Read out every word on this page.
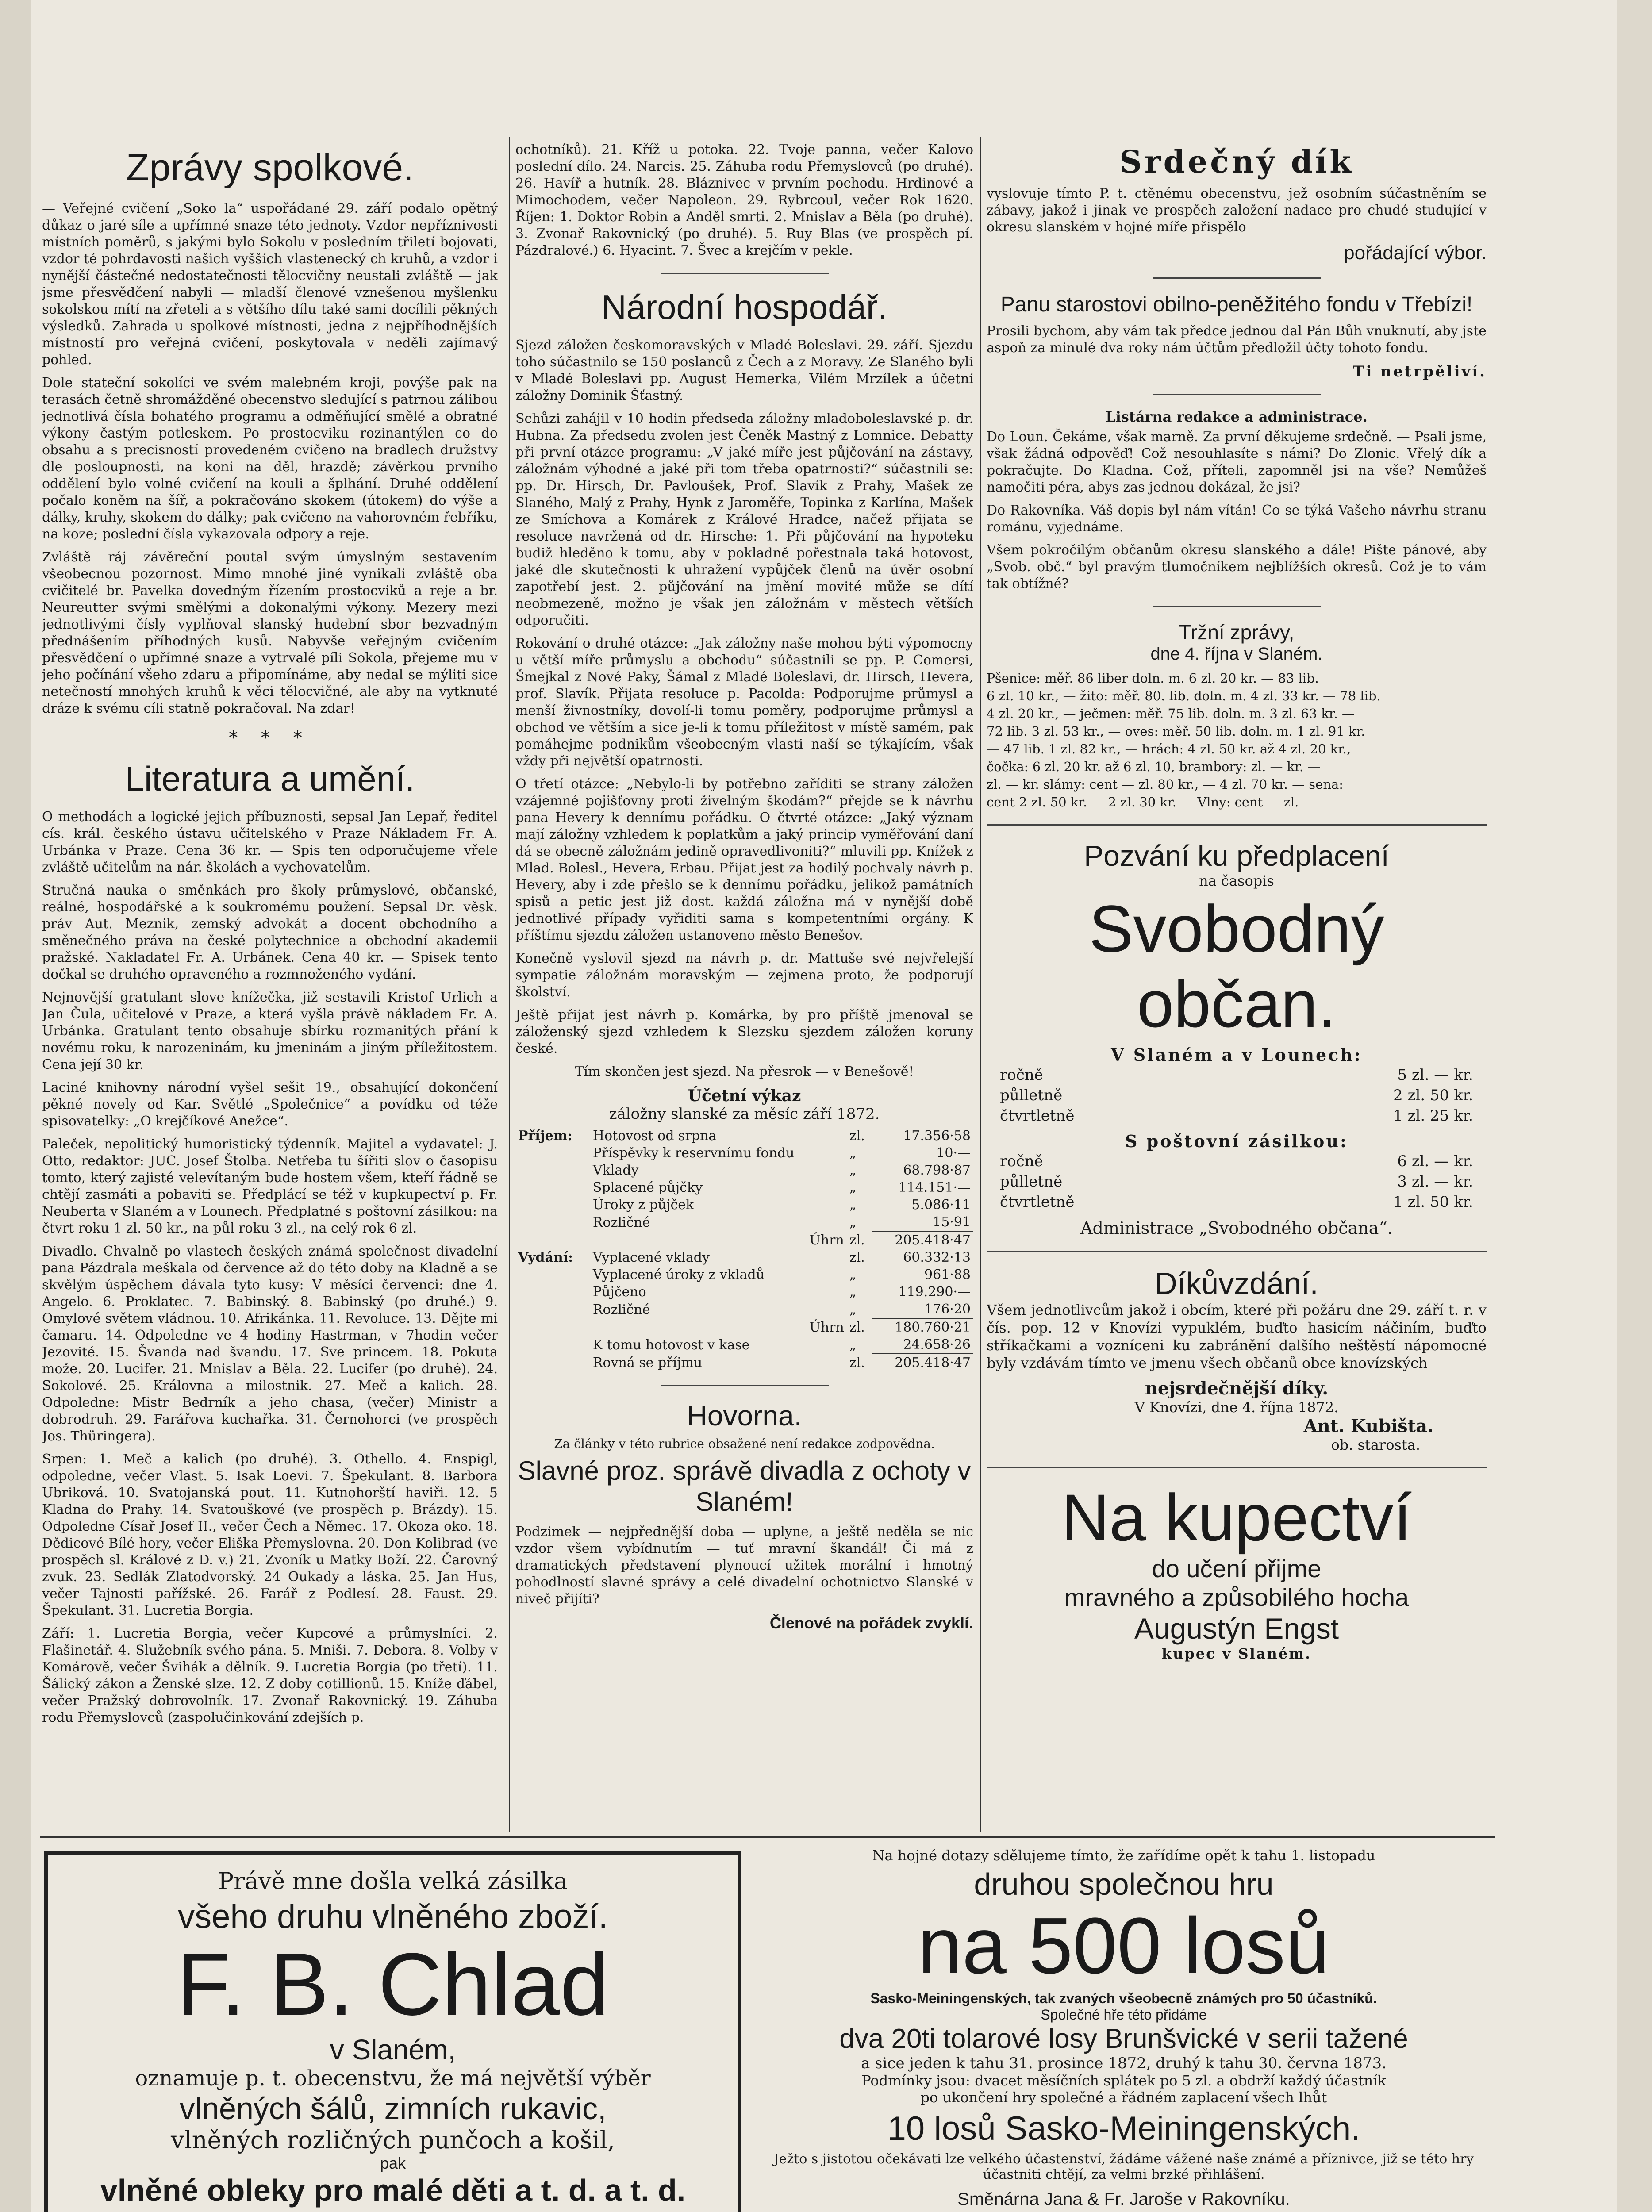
Zprávy spolkové.

— Veřejné cvičení „Soko la“ uspořádané 29. září podalo opětný důkaz o jaré síle a upřímné snaze této jednoty. Vzdor nepříznivosti místních poměrů, s jakými bylo Sokolu v posledním třiletí bojovati, vzdor té pohrdavosti našich vyšších vlastenecký ch kruhů, a vzdor i nynější částečné nedostatečnosti tělocvičny neustali zvláště — jak jsme přesvědčení nabyli — mladší členové vznešenou myšlenku sokolskou mítí na zřeteli a s většího dílu také sami docílili pěkných výsledků. Zahrada u spolkové místnosti, jedna z nejpříhodnějších místností pro veřejná cvičení, poskytovala v neděli zajímavý pohled.

Dole stateční sokolíci ve svém malebném kroji, povýše pak na terasách četně shromážděné obecenstvo sledující s patrnou zálibou jednotlivá čísla bohatého programu a odměňující smělé a obratné výkony častým potleskem. Po prostocviku rozinantýlen co do obsahu a s precisností provedeném cvičeno na bradlech družstvy dle posloupnosti, na koni na děl, hrazdě; závěrkou prvního oddělení bylo volné cvičení na kouli a šplhání. Druhé oddělení počalo koněm na šíř, a pokračováno skokem (útokem) do výše a dálky, kruhy, skokem do dálky; pak cvičeno na vahorovném řebříku, na koze; poslední čísla vykazovala odpory a reje.

Zvláště ráj závěreční poutal svým úmyslným sestavením všeobecnou pozornost. Mimo mnohé jiné vynikali zvláště oba cvičitelé br. Pavelka dovedným řízením prostocviků a reje a br. Neureutter svými smělými a dokonalými výkony. Mezery mezi jednotlivými čísly vyplňoval slanský hudební sbor bezvadným přednášením příhodných kusů. Nabyvše veřejným cvičením přesvědčení o upřímné snaze a vytrvalé píli Sokola, přejeme mu v jeho počínání všeho zdaru a připomínáme, aby nedal se mýliti sice netečností mnohých kruhů k věci tělocvičné, ale aby na vytknuté dráze k svému cíli statně pokračoval. Na zdar!

* * *
Literatura a umění.

O methodách a logické jejich příbuznosti, sepsal Jan Lepař, ředitel cís. král. českého ústavu učitelského v Praze Nákladem Fr. A. Urbánka v Praze. Cena 36 kr. — Spis ten odporučujeme vřele zvláště učitelům na nár. školách a vychovatelům.

Stručná nauka o směnkách pro školy průmyslové, občanské, reálné, hospodářské a k soukromému použení. Sepsal Dr. věsk. práv Aut. Meznik, zemský advokát a docent obchodního a směnečného práva na české polytechnice a obchodní akademii pražské. Nakladatel Fr. A. Urbánek. Cena 40 kr. — Spisek tento dočkal se druhého opraveného a rozmnoženého vydání.

Nejnovější gratulant slove knížečka, již sestavili Kristof Urlich a Jan Čula, učitelové v Praze, a která vyšla právě nákladem Fr. A. Urbánka. Gratulant tento obsahuje sbírku rozmanitých přání k novému roku, k narozeninám, ku jmeninám a jiným příležitostem. Cena její 30 kr.

Laciné knihovny národní vyšel sešit 19., obsahující dokončení pěkné novely od Kar. Světlé „Společnice“ a povídku od téže spisovatelky: „O krejčíkové Anežce“.

Paleček, nepolitický humoristický týdenník. Majitel a vydavatel: J. Otto, redaktor: JUC. Josef Štolba. Netřeba tu šířiti slov o časopisu tomto, který zajisté velevítaným bude hostem všem, kteří řádně se chtějí zasmáti a pobaviti se. Předplácí se též v kupkupectví p. Fr. Neuberta v Slaném a v Lounech. Předplatné s poštovní zásilkou: na čtvrt roku 1 zl. 50 kr., na půl roku 3 zl., na celý rok 6 zl.

Divadlo. Chvalně po vlastech českých známá společnost divadelní pana Pázdrala meškala od července až do této doby na Kladně a se skvělým úspěchem dávala tyto kusy: V měsíci červenci: dne 4. Angelo. 6. Proklatec. 7. Babinský. 8. Babinský (po druhé.) 9. Omylové světem vládnou. 10. Afrikánka. 11. Revoluce. 13. Dějte mi čamaru. 14. Odpoledne ve 4 hodiny Hastrman, v 7hodin večer Jezovité. 15. Švanda nad švandu. 17. Sve princem. 18. Pokuta može. 20. Lucifer. 21. Mnislav a Běla. 22. Lucifer (po druhé). 24. Sokolové. 25. Královna a milostnik. 27. Meč a kalich. 28. Odpoledne: Mistr Bedrník a jeho chasa, (večer) Ministr a dobrodruh. 29. Farářova kuchařka. 31. Černohorci (ve prospěch Jos. Thüringera).

Srpen: 1. Meč a kalich (po druhé). 3. Othello. 4. Enspigl, odpoledne, večer Vlast. 5. Isak Loevi. 7. Špekulant. 8. Barbora Ubriková. 10. Svatojanská pout. 11. Kutnohorští haviři. 12. 5 Kladna do Prahy. 14. Svatouškové (ve prospěch p. Brázdy). 15. Odpoledne Císař Josef II., večer Čech a Němec. 17. Okoza oko. 18. Dědicové Bílé hory, večer Eliška Přemyslovna. 20. Don Kolibrad (ve prospěch sl. Králové z D. v.) 21. Zvoník u Matky Boží. 22. Čarovný zvuk. 23. Sedlák Zlatodvorský. 24 Oukady a láska. 25. Jan Hus, večer Tajnosti pařížské. 26. Farář z Podlesí. 28. Faust. 29. Špekulant. 31. Lucretia Borgia.

Září: 1. Lucretia Borgia, večer Kupcové a průmyslníci. 2. Flašinetář. 4. Služebník svého pána. 5. Mniši. 7. Debora. 8. Volby v Komárově, večer Švihák a dělník. 9. Lucretia Borgia (po třetí). 11. Šálický zákon a Ženské slze. 12. Z doby cotillionů. 15. Kníže ďábel, večer Pražský dobrovolník. 17. Zvonař Rakovnický. 19. Záhuba rodu Přemyslovců (zaspolučinkování zdejších p.

ochotníků). 21. Kříž u potoka. 22. Tvoje panna, večer Kalovo poslední dílo. 24. Narcis. 25. Záhuba rodu Přemyslovců (po druhé). 26. Havíř a hutník. 28. Bláznivec v prvním pochodu. Hrdinové a Mimochodem, večer Napoleon. 29. Rybrcoul, večer Rok 1620. Říjen: 1. Doktor Robin a Anděl smrti. 2. Mnislav a Běla (po druhé). 3. Zvonař Rakovnický (po druhé). 5. Ruy Blas (ve prospěch pí. Pázdralové.) 6. Hyacint. 7. Švec a krejčím v pekle.

Národní hospodář.

Sjezd záložen českomoravských v Mladé Boleslavi. 29. září. Sjezdu toho súčastnilo se 150 poslanců z Čech a z Moravy. Ze Slaného byli v Mladé Boleslavi pp. August Hemerka, Vilém Mrzílek a účetní záložny Dominik Šťastný.

Schůzi zahájil v 10 hodin předseda záložny mladoboleslavské p. dr. Hubna. Za předsedu zvolen jest Čeněk Mastný z Lomnice. Debatty při první otázce programu: „V jaké míře jest půjčování na zástavy, záložnám výhodné a jaké při tom třeba opatrnosti?“ súčastnili se: pp. Dr. Hirsch, Dr. Pavloušek, Prof. Slavík z Prahy, Mašek ze Slaného, Malý z Prahy, Hynk z Jaroměře, Topinka z Karlína, Mašek ze Smíchova a Komárek z Králové Hradce, načež přijata se resoluce navržená od dr. Hirsche: 1. Při půjčování na hypoteku budiž hleděno k tomu, aby v pokladně pořestnala taká hotovost, jaké dle skutečnosti k uhražení vypůjček členů na úvěr osobní zapotřebí jest. 2. půjčování na jmění movité může se dítí neobmezeně, možno je však jen záložnám v městech větších odporučiti.

Rokování o druhé otázce: „Jak záložny naše mohou býti výpomocny u větší míře průmyslu a obchodu“ súčastnili se pp. P. Comersi, Šmejkal z Nové Paky, Šámal z Mladé Boleslavi, dr. Hirsch, Hevera, prof. Slavík. Přijata resoluce p. Pacolda: Podporujme průmysl a menší živnostníky, dovolí-li tomu poměry, podporujme průmysl a obchod ve větším a sice je-li k tomu příležitost v místě samém, pak pomáhejme podnikům všeobecným vlasti naší se týkajícím, však vždy při největší opatrnosti.

O třetí otázce: „Nebylo-li by potřebno zaříditi se strany záložen vzájemné pojišťovny proti živelným škodám?“ přejde se k návrhu pana Hevery k dennímu pořádku. O čtvrté otázce: „Jaký význam mají záložny vzhledem k poplatkům a jaký princip vyměřování daní dá se obecně záložnám jedině opravedlivoniti?“ mluvili pp. Knížek z Mlad. Bolesl., Hevera, Erbau. Přijat jest za hodilý pochvaly návrh p. Hevery, aby i zde přešlo se k dennímu pořádku, jelikož památních spisů a petic jest již dost. každá záložna má v nynější době jednotlivé případy vyřiditi sama s kompetentními orgány. K příštímu sjezdu záložen ustanoveno město Benešov.

Konečně vyslovil sjezd na návrh p. dr. Mattuše své nejvřelejší sympatie záložnám moravským — zejmena proto, že podporují školství.

Ještě přijat jest návrh p. Komárka, by pro příště jmenoval se záloženský sjezd vzhledem k Slezsku sjezdem záložen koruny české.

Tím skončen jest sjezd. Na přesrok — v Benešově!

Účetní výkaz
záložny slanské za měsíc září 1872.
Příjem:	Hotovost od srpna	zl.	17.356·58
	Příspěvky k reservnímu fondu	„	10·—
	Vklady	„	68.798·87
	Splacené půjčky	„	114.151·—
	Úroky z půjček	„	5.086·11
	Rozličné	„	15·91
	Úhrn	zl.	205.418·47
Vydání:	Vyplacené vklady	zl.	60.332·13
	Vyplacené úroky z vkladů	„	961·88
	Půjčeno	„	119.290·—
	Rozličné	„	176·20
	Úhrn	zl.	180.760·21
	K tomu hotovost v kase	„	24.658·26
	Rovná se příjmu	zl.	205.418·47
Hovorna.
Za články v této rubrice obsažené není redakce zodpovědna.
Slavné proz. správě divadla z ochoty v Slaném!

Podzimek — nejpřednější doba — uplyne, a ještě neděla se nic vzdor všem vybídnutím — tuť mravní škandál! Či má z dramatických představení plynoucí užitek morální i hmotný pohodlností slavné správy a celé divadelní ochotnictvo Slanské v niveč přijíti?

Členové na pořádek zvyklí.
Srdečný dík

vyslovuje tímto P. t. ctěnému obecenstvu, jež osobním súčastněním se zábavy, jakož i jinak ve prospěch založení nadace pro chudé studující v okresu slanském v hojné míře přispělo

pořádající výbor.
Panu starostovi obilno-peněžitého fondu v Třebízi!

Prosili bychom, aby vám tak předce jednou dal Pán Bůh vnuknutí, aby jste aspoň za minulé dva roky nám účtům předložil účty tohoto fondu.

Ti netrpěliví.
Listárna redakce a administrace.

Do Loun. Čekáme, však marně. Za první děkujeme srdečně. — Psali jsme, však žádná odpověď! Což nesouhlasíte s námi? Do Zlonic. Vřelý dík a pokračujte. Do Kladna. Což, příteli, zapomněl jsi na vše? Nemůžeš namočiti péra, abys zas jednou dokázal, že jsi?

Do Rakovníka. Váš dopis byl nám vítán! Co se týká Vašeho návrhu stranu románu, vyjednáme.

Všem pokročilým občanům okresu slanského a dále! Pište pánové, aby „Svob. obč.“ byl pravým tlumočníkem nejblížších okresů. Což je to vám tak obtížné?

Tržní zprávy,
dne 4. října v Slaném.
Pšenice: měř. 86 liber doln. m. 6 zl. 20 kr. — 83 lib.
6 zl. 10 kr., — žito: měř. 80. lib. doln. m. 4 zl. 33 kr. — 78 lib.
4 zl. 20 kr., — ječmen: měř. 75 lib. doln. m. 3 zl. 63 kr. —
72 lib. 3 zl. 53 kr., — oves: měř. 50 lib. doln. m. 1 zl. 91 kr.
— 47 lib. 1 zl. 82 kr., — hrách: 4 zl. 50 kr. až 4 zl. 20 kr.,
čočka: 6 zl. 20 kr. až 6 zl. 10, brambory: zl. — kr. —
zl. — kr. slámy: cent — zl. 80 kr., — 4 zl. 70 kr. — sena:
cent 2 zl. 50 kr. — 2 zl. 30 kr. — Vlny: cent — zl. — —
Pozvání ku předplacení
na časopis
Svobodný občan.
V Slaném a v Lounech:
ročně	5 zl. — kr.
půlletně	2 zl. 50 kr.
čtvrtletně	1 zl. 25 kr.
S poštovní zásilkou:
ročně	6 zl. — kr.
půlletně	3 zl. — kr.
čtvrtletně	1 zl. 50 kr.
Administrace „Svobodného občana“.
Díkůvzdání.

Všem jednotlivcům jakož i obcím, které při požáru dne 29. září t. r. v čís. pop. 12 v Knovízi vypuklém, buďto hasicím náčiním, buďto stříkačkami a vozníceni ku zabránění dalšího neštěstí nápomocné byly vzdávám tímto ve jmenu všech občanů obce knovízských

nejsrdečnější díky.
V Knovízi, dne 4. října 1872.
Ant. Kubišta.
ob. starosta.
Na kupectví
do učení přijme
mravného a způsobilého hocha
Augustýn Engst
kupec v Slaném.

Právě mne došla velká zásilka

všeho druhu vlněného zboží.

F. B. Chlad

v Slaném,

oznamuje p. t. obecenstvu, že má největší výběr

vlněných šálů, zimních rukavic,

vlněných rozličných punčoch a košil,

pak

vlněné obleky pro malé děti a t. d. a t. d.

Na hojné dotazy sdělujeme tímto, že zařídíme opět k tahu 1. listopadu

druhou společnou hru

na 500 losů

Sasko-Meiningenských, tak zvaných všeobecně známých pro 50 účastníků.

Společné hře této přidáme

dva 20ti tolarové losy Brunšvické v serii tažené

a sice jeden k tahu 31. prosince 1872, druhý k tahu 30. června 1873.

Podmínky jsou: dvacet měsíčních splátek po 5 zl. a obdrží každý účastník

po ukončení hry společné a řádném zaplacení všech lhůt

10 losů Sasko-Meiningenských.

Ježto s jistotou očekávati lze velkého účastenství, žádáme vážené naše známé a příznivce, již se této hry účastniti chtějí, za velmi brzké přihlášení.

Směnárna Jana & Fr. Jaroše v Rakovníku.
